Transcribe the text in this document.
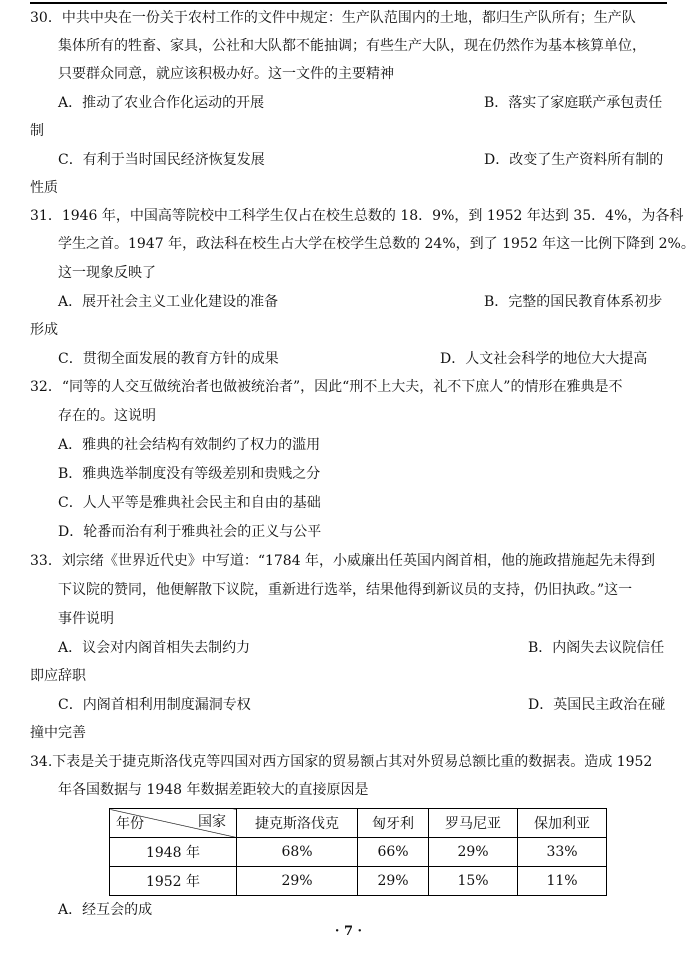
30．中共中央在一份关于农村工作的文件中规定：生产队范围内的土地，都归生产队所有；生产队
集体所有的牲畜、家具，公社和大队都不能抽调；有些生产大队，现在仍然作为基本核算单位，
只要群众同意，就应该积极办好。这一文件的主要精神
A．推动了农业合作化运动的开展	B．落实了家庭联产承包责任
制
C．有利于当时国民经济恢复发展	D．改变了生产资料所有制的
性质
31．1946 年，中国高等院校中工科学生仅占在校生总数的 18．9%，到 1952 年达到 35．4%，为各科
学生之首。1947 年，政法科在校生占大学在校学生总数的 24%，到了 1952 年这一比例下降到 2%。
这一现象反映了
A．展开社会主义工业化建设的准备	B．完整的国民教育体系初步
形成
C．贯彻全面发展的教育方针的成果	D．人文社会科学的地位大大提高
32．“同等的人交互做统治者也做被统治者”，因此“刑不上大夫，礼不下庶人”的情形在雅典是不
存在的。这说明
A．雅典的社会结构有效制约了权力的滥用
B．雅典选举制度没有等级差别和贵贱之分
C．人人平等是雅典社会民主和自由的基础
D．轮番而治有利于雅典社会的正义与公平
33．刘宗绪《世界近代史》中写道：“1784 年，小威廉出任英国内阁首相，他的施政措施起先未得到
下议院的赞同，他便解散下议院，重新进行选举，结果他得到新议员的支持，仍旧执政。”这一
事件说明
A．议会对内阁首相失去制约力	B．内阁失去议院信任
即应辞职
C．内阁首相利用制度漏洞专权	D．英国民主政治在碰
撞中完善
34.下表是关于捷克斯洛伐克等四国对西方国家的贸易额占其对外贸易总额比重的数据表。造成 1952
年各国数据与 1948 年数据差距较大的直接原因是
年份 国家	捷克斯洛伐克	匈牙利	罗马尼亚	保加利亚
1948 年	68%	66%	29%	33%
1952 年	29%	29%	15%	11%
A．经互会的成
· 7 ·
